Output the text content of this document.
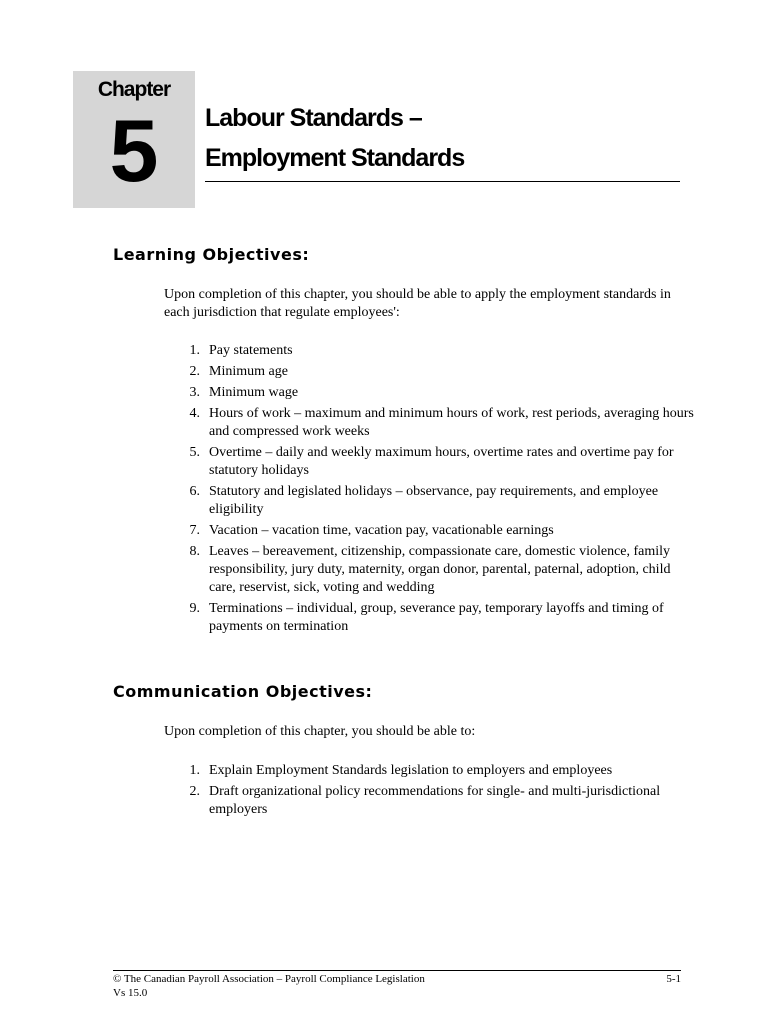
Chapter
5	Labour Standards –
Employment Standards
Learning Objectives:
Upon completion of this chapter, you should be able to apply the employment standards in each jurisdiction that regulate employees':
1. Pay statements
2. Minimum age
3. Minimum wage
4. Hours of work – maximum and minimum hours of work, rest periods, averaging hours and compressed work weeks
5. Overtime – daily and weekly maximum hours, overtime rates and overtime pay for statutory holidays
6. Statutory and legislated holidays – observance, pay requirements, and employee eligibility
7. Vacation – vacation time, vacation pay, vacationable earnings
8. Leaves – bereavement, citizenship, compassionate care, domestic violence, family responsibility, jury duty, maternity, organ donor, parental, paternal, adoption, child care, reservist, sick, voting and wedding
9. Terminations – individual, group, severance pay, temporary layoffs and timing of payments on termination
Communication Objectives:
Upon completion of this chapter, you should be able to:
1. Explain Employment Standards legislation to employers and employees
2. Draft organizational policy recommendations for single- and multi-jurisdictional employers
© The Canadian Payroll Association – Payroll Compliance Legislation
Vs 15.0
5-1
